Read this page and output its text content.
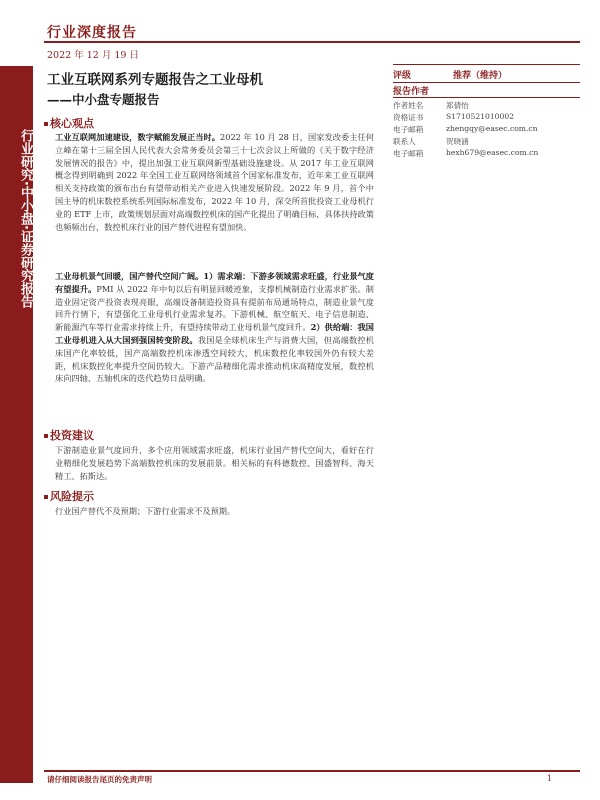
行业深度报告
2022 年 12 月 19 日
行业研究·中小盘·证券研究报告
工业互联网系列专题报告之工业母机
——中小盘专题报告
评级	推荐（维持）
报告作者
作者姓名	郑倩怡
资格证书	S1710521010002
电子邮箱	zhengqy@easec.com.cn
联系人	贺晓涵
电子邮箱	hexh679@easec.com.cn
核心观点
工业互联网加速建设，数字赋能发展正当时。2022 年 10 月 28 日，国家发改委主任何立峰在第十三届全国人民代表大会常务委员会第三十七次会议上所做的《关于数字经济发展情况的报告》中，提出加强工业互联网新型基础设施建设。从 2017 年工业互联网概念得到明确到 2022 年全国工业互联网络领域首个国家标准发布，近年来工业互联网相关支持政策的颁布出台有望带动相关产业进入快速发展阶段。2022 年 9 月，首个中国主导的机床数控系统系列国际标准发布，2022 年 10 月，深交所首批投资工业母机行业的 ETF 上市，政策规划层面对高端数控机床的国产化提出了明确目标，具体扶持政策也频频出台，数控机床行业的国产替代进程有望加快。
工业母机景气回暖，国产替代空间广阔。1）需求端：下游多领域需求旺盛，行业景气度有望提升。PMI 从 2022 年中旬以后有明显回暖迹象，支撑机械制造行业需求扩张。制造业固定资产投资表现亮眼，高端设备制造投资具有提前布局通场特点，制造业景气度回升行情下，有望强化工业母机行业需求复苏。下游机械、航空航天、电子信息制造、新能源汽车等行业需求持续上升，有望持续带动工业母机景气度回升。2）供给端：我国工业母机进入从大国到强国转变阶段。我国是全球机床生产与消费大国，但高端数控机床国产化率较低，国产高端数控机床渗透空间较大，机床数控化率较国外仍有较大差距，机床数控化率提升空间仍较大。下游产品精细化需求推动机床高精度发展，数控机床向四轴、五轴机床的迭代趋势日益明确。
投资建议
下游制造业景气度回升，多个应用领域需求旺盛，机床行业国产替代空间大，看好在行业精细化发展趋势下高端数控机床的发展前景。相关标的有科德数控、国盛智科、海天精工、拓斯达。
风险提示
行业国产替代不及预期；下游行业需求不及预期。
请仔细阅读报告尾页的免责声明	1
